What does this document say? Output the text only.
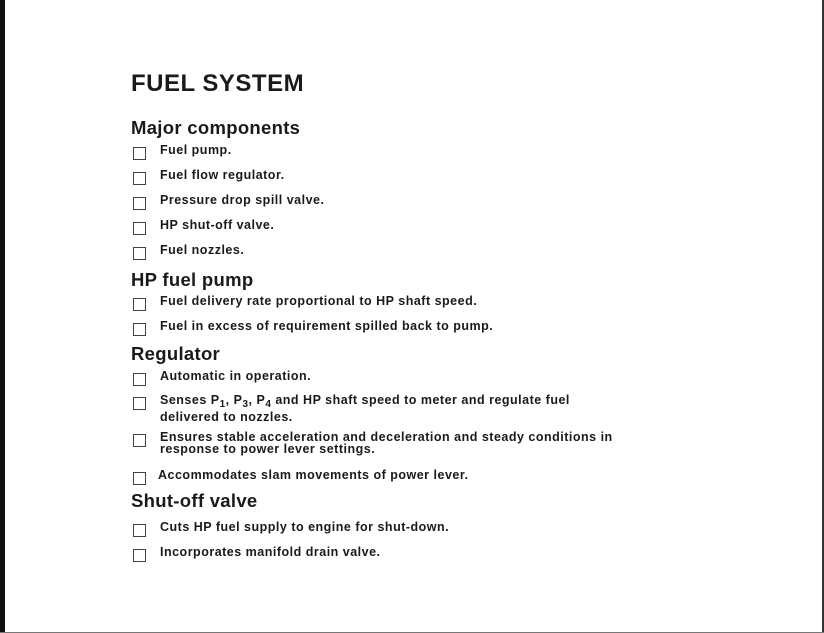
FUEL SYSTEM
Major components
Fuel pump.
Fuel flow regulator.
Pressure drop spill valve.
HP shut-off valve.
Fuel nozzles.
HP fuel pump
Fuel delivery rate proportional to HP shaft speed.
Fuel in excess of requirement spilled back to pump.
Regulator
Automatic in operation.
Senses $P_1$, $P_3$, $P_4$ and HP shaft speed to meter and regulate fuel delivered to nozzles.
Ensures stable acceleration and deceleration and steady conditions in response to power lever settings.
Accommodates slam movements of power lever.
Shut-off valve
Cuts HP fuel supply to engine for shut-down.
Incorporates manifold drain valve.
